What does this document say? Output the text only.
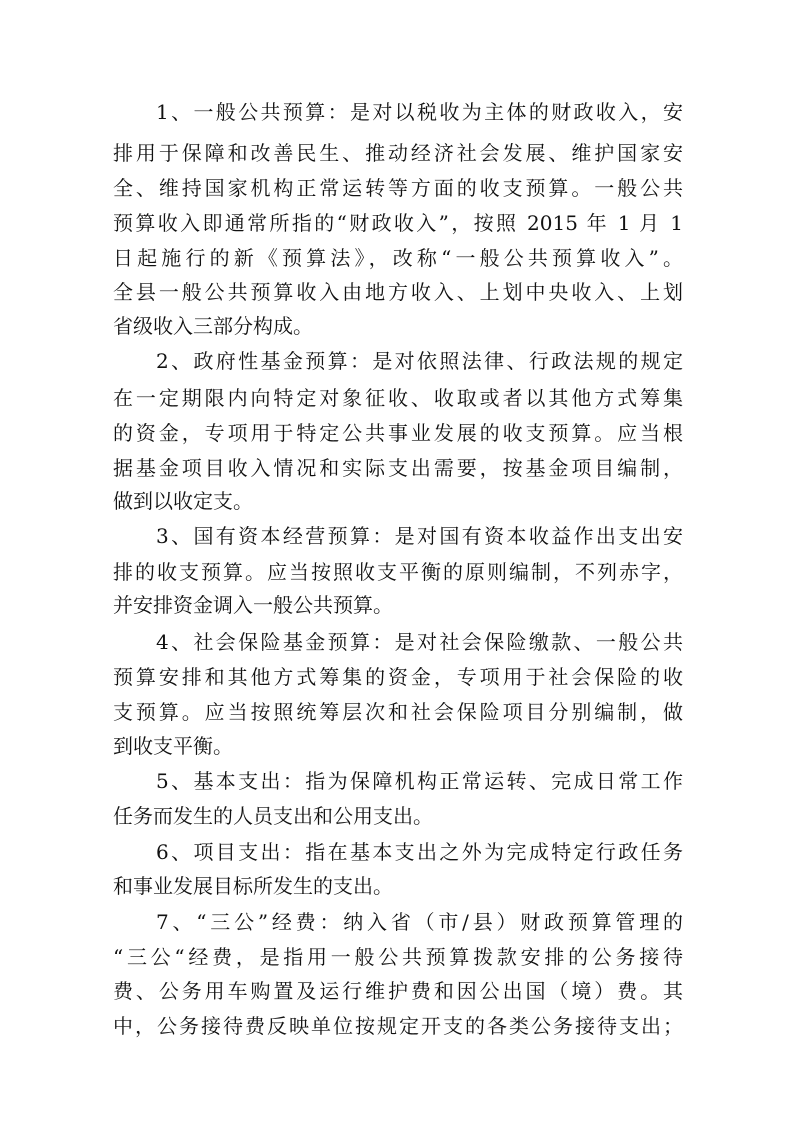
1、一般公共预算：是对以税收为主体的财政收入，安
排用于保障和改善民生、推动经济社会发展、维护国家安
全、维持国家机构正常运转等方面的收支预算。一般公共
预算收入即通常所指的“财政收入”，按照 2015 年 1 月 1
日起施行的新《预算法》，改称“一般公共预算收入”。
全县一般公共预算收入由地方收入、上划中央收入、上划
省级收入三部分构成。
2、政府性基金预算：是对依照法律、行政法规的规定
在一定期限内向特定对象征收、收取或者以其他方式筹集
的资金，专项用于特定公共事业发展的收支预算。应当根
据基金项目收入情况和实际支出需要，按基金项目编制，
做到以收定支。
3、国有资本经营预算：是对国有资本收益作出支出安
排的收支预算。应当按照收支平衡的原则编制，不列赤字，
并安排资金调入一般公共预算。
4、社会保险基金预算：是对社会保险缴款、一般公共
预算安排和其他方式筹集的资金，专项用于社会保险的收
支预算。应当按照统筹层次和社会保险项目分别编制，做
到收支平衡。
5、基本支出：指为保障机构正常运转、完成日常工作
任务而发生的人员支出和公用支出。
6、项目支出：指在基本支出之外为完成特定行政任务
和事业发展目标所发生的支出。
7、“三公”经费：纳入省（市/县）财政预算管理的
“三公“经费，是指用一般公共预算拨款安排的公务接待
费、公务用车购置及运行维护费和因公出国（境）费。其
中，公务接待费反映单位按规定开支的各类公务接待支出；
